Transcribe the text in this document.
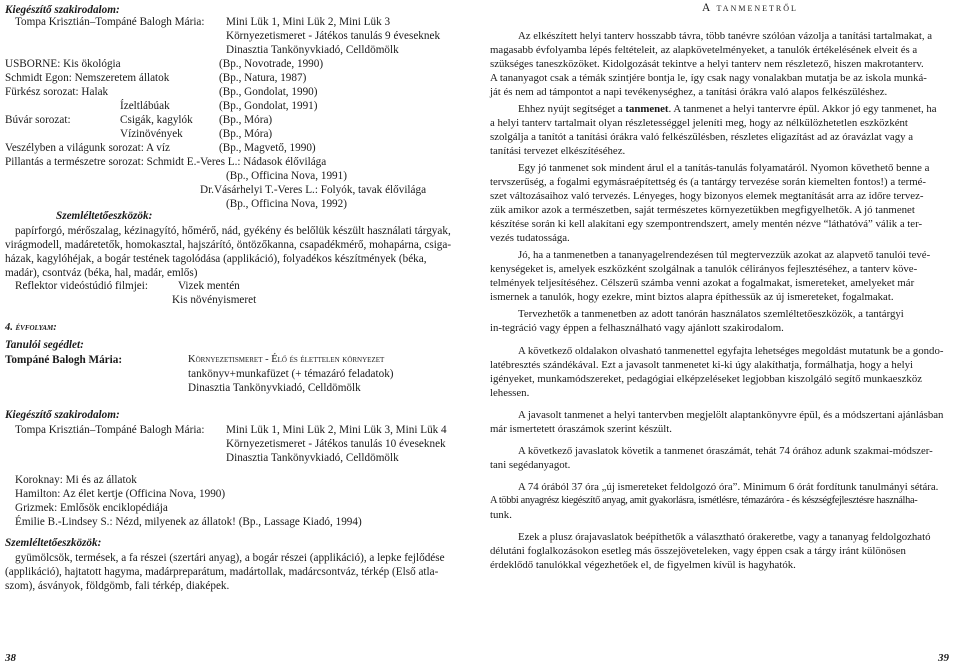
Kiegészítő szakirodalom:
Tompa Krisztián–Tompáné Balogh Mária: Mini Lük 1, Mini Lük 2, Mini Lük 3
Környezetismeret - Játékos tanulás 9 éveseknek
Dinasztia Tankönyvkiadó, Celldömölk
USBORNE: Kis ökológia	(Bp., Novotrade, 1990)
Schmidt Egon: Nemszeretem állatok	(Bp., Natura, 1987)
Fürkész sorozat: Halak	(Bp., Gondolat, 1990)
Ízeltlábúak	(Bp., Gondolat, 1991)
Búvár sorozat:	Csigák, kagylók (Bp., Móra)
Vízinövények	(Bp., Móra)
Veszélyben a világunk sorozat: A víz	(Bp., Magvető, 1990)
Pillantás a természetre sorozat: Schmidt E.-Veres L.: Nádasok élővilága
(Bp., Officina Nova, 1991)
Dr.Vásárhelyi T.-Veres L.: Folyók, tavak élővilága
(Bp., Officina Nova, 1992)
Szemléltetőeszközök:
papírforgó, mérőszalag, kézinagyító, hőmérő, nád, gyékény és belőlük készült használati tárgyak,
virágmodell, madáretetők, homokasztal, hajszárító, öntözőkanna, csapadékmérő, mohapárna, csiga-
házak, kagylóhéjak, a bogár testének tagolódása (applikáció), folyadékos készítmények (béka,
madár), csontváz (béka, hal, madár, emlős)
Reflektor videóstúdió filmjei:	Vizek mentén
Kis növényismeret
4. évfolyam:
Tanulói segédlet:
Tompáné Balogh Mária:	Környezetismeret - Élő és élettelen környezet
tankönyv+munkafüzet (+ témazáró feladatok)
Dinasztia Tankönyvkiadó, Celldömölk
Kiegészítő szakirodalom:
Tompa Krisztián–Tompáné Balogh Mária: Mini Lük 1, Mini Lük 2, Mini Lük 3, Mini Lük 4
Környezetismeret - Játékos tanulás 10 éveseknek
Dinasztia Tankönyvkiadó, Celldömölk
Koroknay: Mi és az állatok
Hamilton: Az élet kertje (Officina Nova, 1990)
Grizmek: Emlősök enciklopédiája
Émilie B.-Lindsey S.: Nézd, milyenek az állatok! (Bp., Lassage Kiadó, 1994)
Szemléltetőeszközök:
gyümölcsök, termések, a fa részei (szertári anyag), a bogár részei (applikáció), a lepke fejlődése
(applikáció), hajtatott hagyma, madárpreparátum, madártollak, madárcsontváz, térkép (Első atla-
szom), ásványok, földgömb, fali térkép, diaképek.
38
A tanmenetről
Az elkészített helyi tanterv hosszabb távra, több tanévre szólóan vázolja a tanítási tartalmakat, a
magasabb évfolyamba lépés feltételeit, az alapkövetelményeket, a tanulók értékelésének elveit és a
szükséges taneszközöket. Kidolgozását tekintve a helyi tanterv nem részletező, hiszen makrotanterv.
A tananyagot csak a témák szintjére bontja le, így csak nagy vonalakban mutatja be az iskola munká-
ját és nem ad támpontot a napi tevékenységhez, a tanítási órákra való alapos felkészüléshez.
Ehhez nyújt segítséget a tanmenet. A tanmenet a helyi tantervre épül. Akkor jó egy tanmenet, ha
a helyi tanterv tartalmait olyan részletességgel jeleníti meg, hogy az nélkülözhetetlen eszközként
szolgálja a tanítót a tanítási órákra való felkészülésben, részletes eligazítást ad az óravázlat vagy a
tanítási tervezet elkészítéséhez.
Egy jó tanmenet sok mindent árul el a tanítás-tanulás folyamatáról. Nyomon követhető benne a
tervszerűség, a fogalmi egymásraépítettség és (a tantárgy tervezése során kiemelten fontos!) a termé-
szet változásaihoz való tervezés. Lényeges, hogy bizonyos elemek megtanítását arra az időre tervez-
zük amikor azok a természetben, saját természetes környezetükben megfigyelhetők. A jó tanmenet
készítése során ki kell alakítani egy szempontrendszert, amely mentén nézve “láthatóvá” válik a ter-
vezés tudatossága.
Jó, ha a tanmenetben a tananyagelrendezésen túl megtervezzük azokat az alapvető tanulói tevé-
kenységeket is, amelyek eszközként szolgálnak a tanulók célirányos fejlesztéséhez, a tanterv köve-
telmények teljesítéséhez. Célszerű számba venni azokat a fogalmakat, ismereteket, amelyeket már
ismernek a tanulók, hogy ezekre, mint biztos alapra építhessük az új ismereteket, fogalmakat.
Tervezhetők a tanmenetben az adott tanórán használatos szemléltetőeszközök, a tantárgyi
in-tegráció vagy éppen a felhasználható vagy ajánlott szakirodalom.
A következő oldalakon olvasható tanmenettel egyfajta lehetséges megoldást mutatunk be a gondo-
latébresztés szándékával. Ezt a javasolt tanmenetet ki-ki úgy alakíthatja, formálhatja, hogy a helyi
igényeket, munkamódszereket, pedagógiai elképzeléseket legjobban kiszolgáló segítő munkaeszköz
lehessen.
A javasolt tanmenet a helyi tantervben megjelölt alaptankönyvre épül, és a módszertani ajánlásban
már ismertetett óraszámok szerint készült.
A következő javaslatok követik a tanmenet óraszámát, tehát 74 órához adunk szakmai-módszer-
tani segédanyagot.
A 74 órából 37 óra „új ismereteket feldolgozó óra”. Minimum 6 órát fordítunk tanulmányi sétára.
A többi anyagrész kiegészítő anyag, amit gyakorlásra, ismétlésre, témazáróra - és készségfejlesztésre használha-
tunk.
Ezek a plusz órajavaslatok beépíthetők a választható órakeretbe, vagy a tananyag feldolgozható
délutáni foglalkozásokon esetleg más összejöveteleken, vagy éppen csak a tárgy iránt különösen
érdeklődő tanulókkal végezhetőek el, de figyelmen kívül is hagyhatók.
39
